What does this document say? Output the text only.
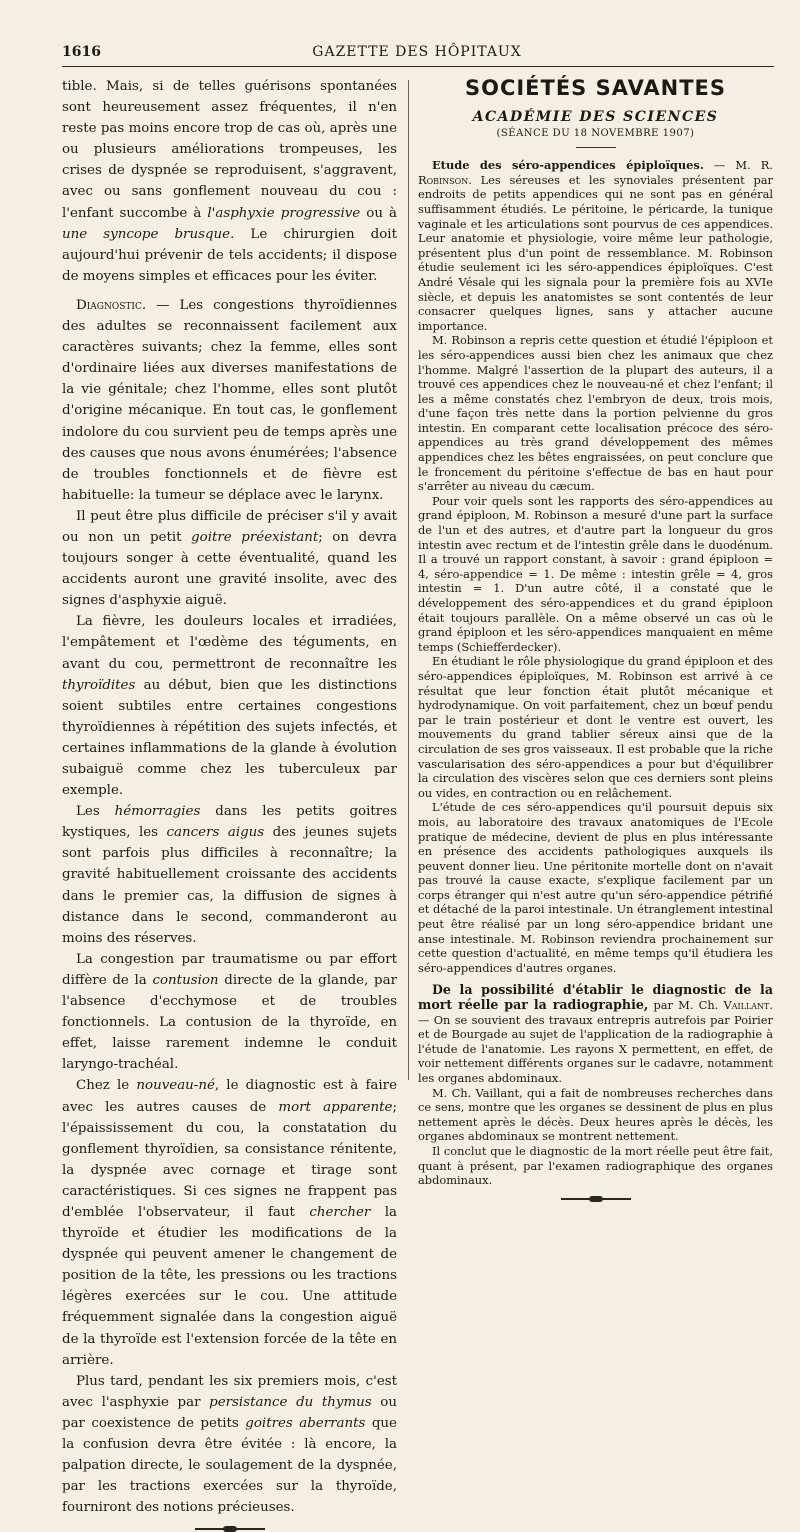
1616	GAZETTE DES HÔPITAUX

tible. Mais, si de telles guérisons spontanées sont heureusement assez fréquentes, il n'en reste pas moins encore trop de cas où, après une ou plusieurs améliorations trompeuses, les crises de dyspnée se reproduisent, s'aggravent, avec ou sans gonflement nouveau du cou : l'enfant succombe à l'asphyxie progressive ou à une syncope brusque. Le chirurgien doit aujourd'hui prévenir de tels accidents; il dispose de moyens simples et efficaces pour les éviter.

Diagnostic. — Les congestions thyroïdiennes des adultes se reconnaissent facilement aux caractères suivants; chez la femme, elles sont d'ordinaire liées aux diverses manifestations de la vie génitale; chez l'homme, elles sont plutôt d'origine mécanique. En tout cas, le gonflement indolore du cou survient peu de temps après une des causes que nous avons énumérées; l'absence de troubles fonctionnels et de fièvre est habituelle: la tumeur se déplace avec le larynx.

Il peut être plus difficile de préciser s'il y avait ou non un petit goitre préexistant; on devra toujours songer à cette éventualité, quand les accidents auront une gravité insolite, avec des signes d'asphyxie aiguë.

La fièvre, les douleurs locales et irradiées, l'empâtement et l'œdème des téguments, en avant du cou, permettront de reconnaître les thyroïdites au début, bien que les distinctions soient subtiles entre certaines congestions thyroïdiennes à répétition des sujets infectés, et certaines inflammations de la glande à évolution subaiguë comme chez les tuberculeux par exemple.

Les hémorragies dans les petits goitres kystiques, les cancers aigus des jeunes sujets sont parfois plus difficiles à reconnaître; la gravité habituellement croissante des accidents dans le premier cas, la diffusion de signes à distance dans le second, commanderont au moins des réserves.

La congestion par traumatisme ou par effort diffère de la contusion directe de la glande, par l'absence d'ecchymose et de troubles fonctionnels. La contusion de la thyroïde, en effet, laisse rarement indemne le conduit laryngo-trachéal.

Chez le nouveau-né, le diagnostic est à faire avec les autres causes de mort apparente; l'épaississement du cou, la constatation du gonflement thyroïdien, sa consistance rénitente, la dyspnée avec cornage et tirage sont caractéristiques. Si ces signes ne frappent pas d'emblée l'observateur, il faut chercher la thyroïde et étudier les modifications de la dyspnée qui peuvent amener le changement de position de la tête, les pressions ou les tractions légères exercées sur le cou. Une attitude fréquemment signalée dans la congestion aiguë de la thyroïde est l'extension forcée de la tête en arrière.

Plus tard, pendant les six premiers mois, c'est avec l'asphyxie par persistance du thymus ou par coexistence de petits goitres aberrants que la confusion devra être évitée : là encore, la palpation directe, le soulagement de la dyspnée, par les tractions exercées sur la thyroïde, fourniront des notions précieuses.

SOCIÉTÉS SAVANTES
ACADÉMIE DES SCIENCES
(SÉANCE DU 18 NOVEMBRE 1907)

Etude des séro-appendices épiploïques. — M. R. Robinson. Les séreuses et les synoviales présentent par endroits de petits appendices qui ne sont pas en général suffisamment étudiés. Le péritoine, le péricarde, la tunique vaginale et les articulations sont pourvus de ces appendices. Leur anatomie et physiologie, voire même leur pathologie, présentent plus d'un point de ressemblance. M. Robinson étudie seulement ici les séro-appendices épiploïques. C'est André Vésale qui les signala pour la première fois au XVIe siècle, et depuis les anatomistes se sont contentés de leur consacrer quelques lignes, sans y attacher aucune importance.

M. Robinson a repris cette question et étudié l'épiploon et les séro-appendices aussi bien chez les animaux que chez l'homme. Malgré l'assertion de la plupart des auteurs, il a trouvé ces appendices chez le nouveau-né et chez l'enfant; il les a même constatés chez l'embryon de deux, trois mois, d'une façon très nette dans la portion pelvienne du gros intestin. En comparant cette localisation précoce des séro-appendices au très grand développement des mêmes appendices chez les bêtes engraissées, on peut conclure que le froncement du péritoine s'effectue de bas en haut pour s'arrêter au niveau du cæcum.

Pour voir quels sont les rapports des séro-appendices au grand épiploon, M. Robinson a mesuré d'une part la surface de l'un et des autres, et d'autre part la longueur du gros intestin avec rectum et de l'intestin grêle dans le duodénum. Il a trouvé un rapport constant, à savoir : grand épiploon = 4, séro-appendice = 1. De même : intestin grêle = 4, gros intestin = 1. D'un autre côté, il a constaté que le développement des séro-appendices et du grand épiploon était toujours parallèle. On a même observé un cas où le grand épiploon et les séro-appendices manquaient en même temps (Schiefferdecker).

En étudiant le rôle physiologique du grand épiploon et des séro-appendices épiploïques, M. Robinson est arrivé à ce résultat que leur fonction était plutôt mécanique et hydrodynamique. On voit parfaitement, chez un bœuf pendu par le train postérieur et dont le ventre est ouvert, les mouvements du grand tablier séreux ainsi que de la circulation de ses gros vaisseaux. Il est probable que la riche vascularisation des séro-appendices a pour but d'équilibrer la circulation des viscères selon que ces derniers sont pleins ou vides, en contraction ou en relâchement.

L'étude de ces séro-appendices qu'il poursuit depuis six mois, au laboratoire des travaux anatomiques de l'Ecole pratique de médecine, devient de plus en plus intéressante en présence des accidents pathologiques auxquels ils peuvent donner lieu. Une péritonite mortelle dont on n'avait pas trouvé la cause exacte, s'explique facilement par un corps étranger qui n'est autre qu'un séro-appendice pétrifié et détaché de la paroi intestinale. Un étranglement intestinal peut être réalisé par un long séro-appendice bridant une anse intestinale. M. Robinson reviendra prochainement sur cette question d'actualité, en même temps qu'il étudiera les séro-appendices d'autres organes.

De la possibilité d'établir le diagnostic de la mort réelle par la radiographie, par M. Ch. Vaillant. — On se souvient des travaux entrepris autrefois par Poirier et de Bourgade au sujet de l'application de la radiographie à l'étude de l'anatomie. Les rayons X permettent, en effet, de voir nettement différents organes sur le cadavre, notamment les organes abdominaux.

M. Ch. Vaillant, qui a fait de nombreuses recherches dans ce sens, montre que les organes se dessinent de plus en plus nettement après le décès. Deux heures après le décès, les organes abdominaux se montrent nettement.

Il conclut que le diagnostic de la mort réelle peut être fait, quant à présent, par l'examen radiographique des organes abdominaux.
